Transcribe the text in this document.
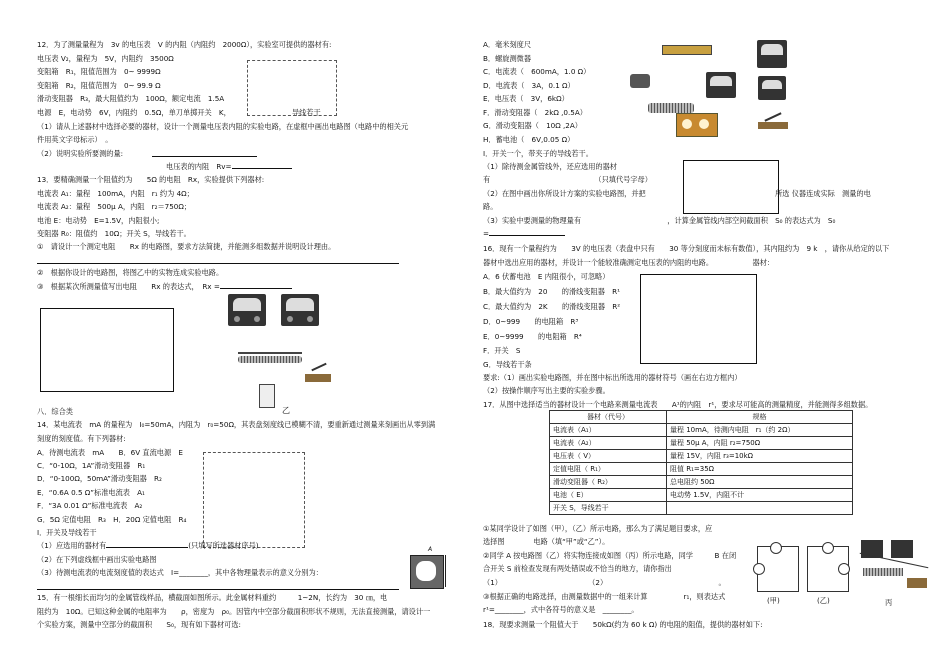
12．为了测量量程为　3v 的电压表　V 的内阻（内阻约　2000Ω），实验室可提供的器材有:
电压表 V₂，量程为　5V，内阻约　3500Ω
变阻箱　R₁，阻值范围为　0~ 9999Ω
变阻箱　R₂，阻值范围为　0~ 99.9 Ω
滑动变阻器　R₃，最大阻值约为　100Ω，额定电流　1.5A
电源　E，电动势　6V，内阻约　0.5Ω，单刀单掷开关　K，　　　　　　　　　导线若干
（1）请从上述器材中选择必要的器材，设计一个测量电压表内阻的实验电路，在虚框中画出电路图（电路中的相关元
件用英文字母标示）　。
（2）说明实验所要测的量:
电压表的内阻　Rv=
13．要精确测量一个阻值约为　　5Ω 的电阻　Rx，实验提供下列器材:
电流表 A₁：量程　100mA，内阻　r₁ 约为 4Ω；
电流表 A₂：量程　500μ A，内阻　r₂＝750Ω；
电池 E：电动势　E=1.5V，内阻很小;
变阻器 R₀：阻值约　10Ω；开关 S，导线若干。
①　请设计一个测定电阻　　Rx 的电路图，要求方法简捷，并能测多组数据并说明设计理由。
②　根据你设计的电路图，将图乙中的实物连成实验电路。
③　根据某次所测量值写出电阻　　Rx 的表达式，　Rx =
乙
八．综合类
14．某电流表　mA 的量程为　I₀=50mA，内阻为　r₀=50Ω，其表盘刻度线已模糊不清，要重新通过测量来刻画出从零到满
刻度的刻度值。有下列器材:
A．待测电流表　mA　　B．6V 直流电源　E
C．“0-10Ω，1A”滑动变阻器　R₁
D．“0-100Ω，50mA”滑动变阻器　R₂
E．“0.6A 0.5 Ω”标准电流表　A₁
F．“3A 0.01 Ω”标准电流表　A₂
G．5Ω 定值电阻　R₃　H．20Ω 定值电阻　R₄
I．开关及导线若干
（1）应选用的器材有	(只填写所选器材序号)
（2）在下列虚线框中画出实验电路图
（3）待测电流表的电流刻度值的表达式　I=________，其中各物理量表示的意义分别为：
A
15．有一根细长而均匀的金属管线样品，横截面如图所示。此金属材料重约　　　1~2N，长约为　30 ㎝，电
阻约为　10Ω。已知这种金属的电阻率为　　ρ，密度为　ρ₀。因管内中空部分截面积形状不规则，无法直接测量，请设计一
个实验方案，测量中空部分的截面积　　S₀，现有如下器材可选:
A．毫米刻度尺
B．螺旋测微器
C．电流表（　600mA，1.0 Ω）
D．电流表（　3A，0.1 Ω）
E．电压表（　3V，6kΩ）
F．滑动变阻器（　2kΩ ,0.5A）
G．滑动变阻器（　10Ω ,2A）
H．蓄电池（　6V,0.05 Ω）
I．开关一个，带夹子的导线若干。
（1）除待测金属管线外，还应选用的器材
有　　　　　　　　　　　　　　　（只填代号字母）
（2）在图中画出你所设计方案的实验电路图，并把　　　　　　　　　　　　　　　　　　所选 仪器连成实际　测量的电
路。
（3）实验中要测量的物理量有　　　　　　　　　　　　，计算金属管线内部空间截面积　S₀ 的表达式为　S₀
=
16．现有一个量程约为　　3V 的电压表（表盘中只有　　30 等分刻度而未标有数值），其内阻约为　9 k　，请你从给定的以下
器材中选出应用的器材，并设计一个能较准确测定电压表的内阻的电路。　　　　　　器材：
A．6 伏蓄电池　E 内阻很小，可忽略）
B．最大值约为　20　　的滑线变阻器　R¹
C．最大值约为　2K　　的滑线变阻器　R²
D．0~999　　的电阻箱　R³
E．0~9999　　的电阻箱　R⁴
F．开关　S
G．导线若干条
要求:（1）画出实验电路图，并在图中标出所选用的器材符号（画在右边方框内）
（2）按操作顺序写出主要的实验步骤。
17．从图中选择适当的器材设计一个电路来测量电流表　　A¹的内阻　r¹，要求尽可能高的测量精度，并能测得多组数据。
器材（代号）	规格
电流表（A₁）	量程 10mA，待测内电阻　r₁（约 2Ω）
电流表（A₂）	量程 50μ A，内阻 r₂=750Ω
电压表（ V）	量程 15V，内阻 r₃=10kΩ
定值电阻（ R₁）	阻值 R₁=35Ω
滑动变阻器（ R₂）	总电阻约 50Ω
电池（ E）	电动势 1.5V，内阻不计
开关 S，导线若干	
①某同学设计了如图（甲），（乙）所示电路，那么为了满足题目要求，应
选择图　　　　电路（填“甲”或“乙”）。
②同学 A 按电路图（乙）将实物连接成如图（丙）所示电路，同学　　　B 在闭
合开关 S 前检查发现有两处错误或不恰当的地方，请你指出
（1）　　　　　　　　　　　　　（2）　　　　　　　　　　　　　　　　。
③根据正确的电路选择，由测量数据中的一组来计算　　　　　r₁，则表达式
r¹=________，式中各符号的意义是　________。
(甲)	(乙)	丙
18．现要求测量一个阻值大于　　50kΩ(约为 60 k Ω) 的电阻的阻值，提供的器材如下:
